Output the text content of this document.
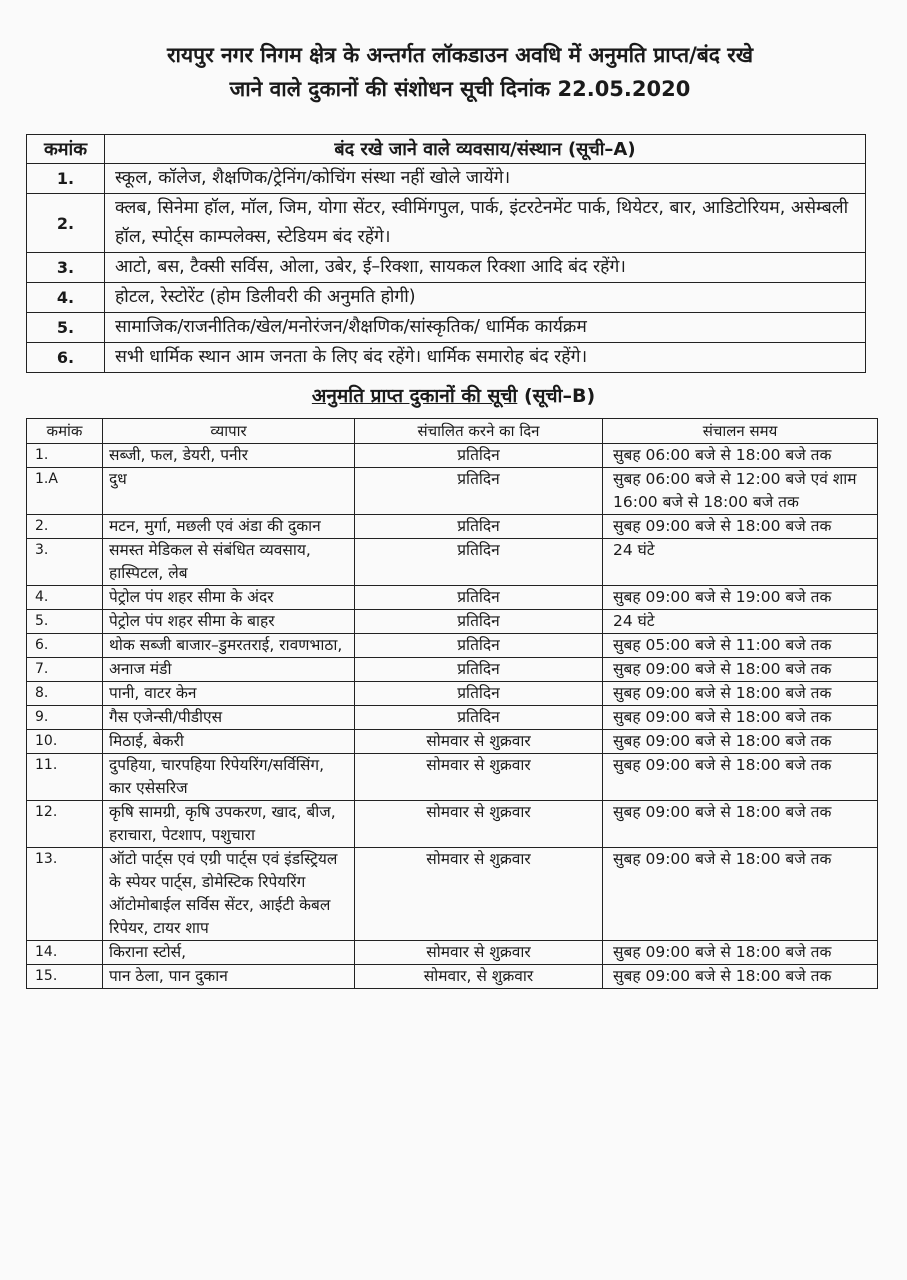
रायपुर नगर निगम क्षेत्र के अन्तर्गत लॉकडाउन अवधि में अनुमति प्राप्त/बंद रखे
जाने वाले दुकानों की संशोधन सूची दिनांक 22.05.2020
कमांक	बंद रखे जाने वाले व्यवसाय/संस्थान (सूची–A)
1.	स्कूल, कॉलेज, शैक्षणिक/ट्रेनिंग/कोचिंग संस्था नहीं खोले जायेंगे।
2.	क्लब, सिनेमा हॉल, मॉल, जिम, योगा सेंटर, स्वीमिंगपुल, पार्क, इंटरटेनमेंट पार्क, थियेटर, बार, आडिटोरियम, असेम्बली हॉल, स्पोर्ट्स काम्पलेक्स, स्टेडियम बंद रहेंगे।
3.	आटो, बस, टैक्सी सर्विस, ओला, उबेर, ई–रिक्शा, सायकल रिक्शा आदि बंद रहेंगे।
4.	होटल, रेस्टोरेंट (होम डिलीवरी की अनुमति होगी)
5.	सामाजिक/राजनीतिक/खेल/मनोरंजन/शैक्षणिक/सांस्कृतिक/ धार्मिक कार्यक्रम
6.	सभी धार्मिक स्थान आम जनता के लिए बंद रहेंगे। धार्मिक समारोह बंद रहेंगे।
अनुमति प्राप्त दुकानों की सूची (सूची–B)
कमांक	व्यापार	संचालित करने का दिन	संचालन समय
1.	सब्जी, फल, डेयरी, पनीर	प्रतिदिन	सुबह 06:00 बजे से 18:00 बजे तक
1.A	दुध	प्रतिदिन	सुबह 06:00 बजे से 12:00 बजे एवं शाम 16:00 बजे से 18:00 बजे तक
2.	मटन, मुर्गा, मछली एवं अंडा की दुकान	प्रतिदिन	सुबह 09:00 बजे से 18:00 बजे तक
3.	समस्त मेडिकल से संबंधित व्यवसाय, हास्पिटल, लेब	प्रतिदिन	24 घंटे
4.	पेट्रोल पंप शहर सीमा के अंदर	प्रतिदिन	सुबह 09:00 बजे से 19:00 बजे तक
5.	पेट्रोल पंप शहर सीमा के बाहर	प्रतिदिन	24 घंटे
6.	थोक सब्जी बाजार–डुमरतराई, रावणभाठा,	प्रतिदिन	सुबह 05:00 बजे से 11:00 बजे तक
7.	अनाज मंडी	प्रतिदिन	सुबह 09:00 बजे से 18:00 बजे तक
8.	पानी, वाटर केन	प्रतिदिन	सुबह 09:00 बजे से 18:00 बजे तक
9.	गैस एजेन्सी/पीडीएस	प्रतिदिन	सुबह 09:00 बजे से 18:00 बजे तक
10.	मिठाई, बेकरी	सोमवार से शुक्रवार	सुबह 09:00 बजे से 18:00 बजे तक
11.	दुपहिया, चारपहिया रिपेयरिंग/सर्विसिंग, कार एसेसरिज	सोमवार से शुक्रवार	सुबह 09:00 बजे से 18:00 बजे तक
12.	कृषि सामग्री, कृषि उपकरण, खाद, बीज, हराचारा, पेटशाप, पशुचारा	सोमवार से शुक्रवार	सुबह 09:00 बजे से 18:00 बजे तक
13.	ऑटो पार्ट्स एवं एग्री पार्ट्स एवं इंडस्ट्रियल के स्पेयर पार्ट्स, डोमेस्टिक रिपेयरिंग ऑटोमोबाईल सर्विस सेंटर, आईटी केबल रिपेयर, टायर शाप	सोमवार से शुक्रवार	सुबह 09:00 बजे से 18:00 बजे तक
14.	किराना स्टोर्स,	सोमवार से शुक्रवार	सुबह 09:00 बजे से 18:00 बजे तक
15.	पान ठेला, पान दुकान	सोमवार, से शुक्रवार	सुबह 09:00 बजे से 18:00 बजे तक
